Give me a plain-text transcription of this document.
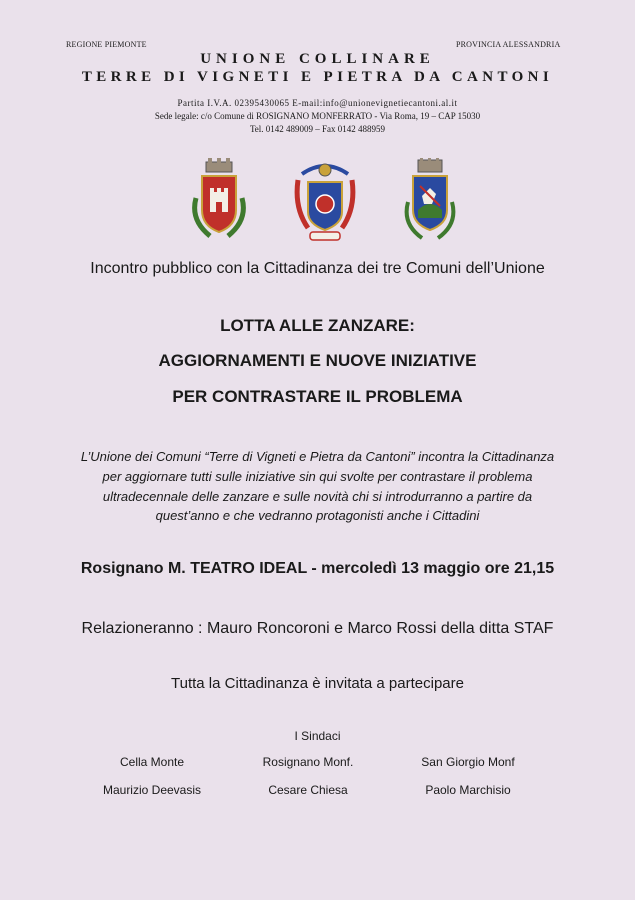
REGIONE PIEMONTE	PROVINCIA ALESSANDRIA
UNIONE COLLINARE
TERRE DI VIGNETI E PIETRA DA CANTONI
Partita I.V.A. 02395430065 E-mail:info@unionevignetiecantoni.al.it
Sede legale: c/o Comune di ROSIGNANO MONFERRATO - Via Roma, 19 – CAP 15030
Tel. 0142 489009 – Fax 0142 488959
Incontro pubblico con la Cittadinanza dei tre Comuni dell’Unione
LOTTA ALLE ZANZARE:
AGGIORNAMENTI E NUOVE INIZIATIVE
PER CONTRASTARE IL PROBLEMA
L’Unione dei Comuni “Terre di Vigneti e Pietra da Cantoni” incontra la Cittadinanza
per aggiornare tutti sulle iniziative sin qui svolte per contrastare il problema
ultradecennale delle zanzare e sulle novità chi si introdurranno a partire da
quest’anno e che vedranno protagonisti anche i Cittadini
Rosignano M. TEATRO IDEAL - mercoledì 13 maggio ore 21,15
Relazioneranno : Mauro Roncoroni e Marco Rossi della ditta STAF
Tutta la Cittadinanza è invitata a partecipare
I Sindaci
Cella Monte
Maurizio Deevasis
Rosignano Monf.
Cesare Chiesa
San Giorgio Monf
Paolo Marchisio
